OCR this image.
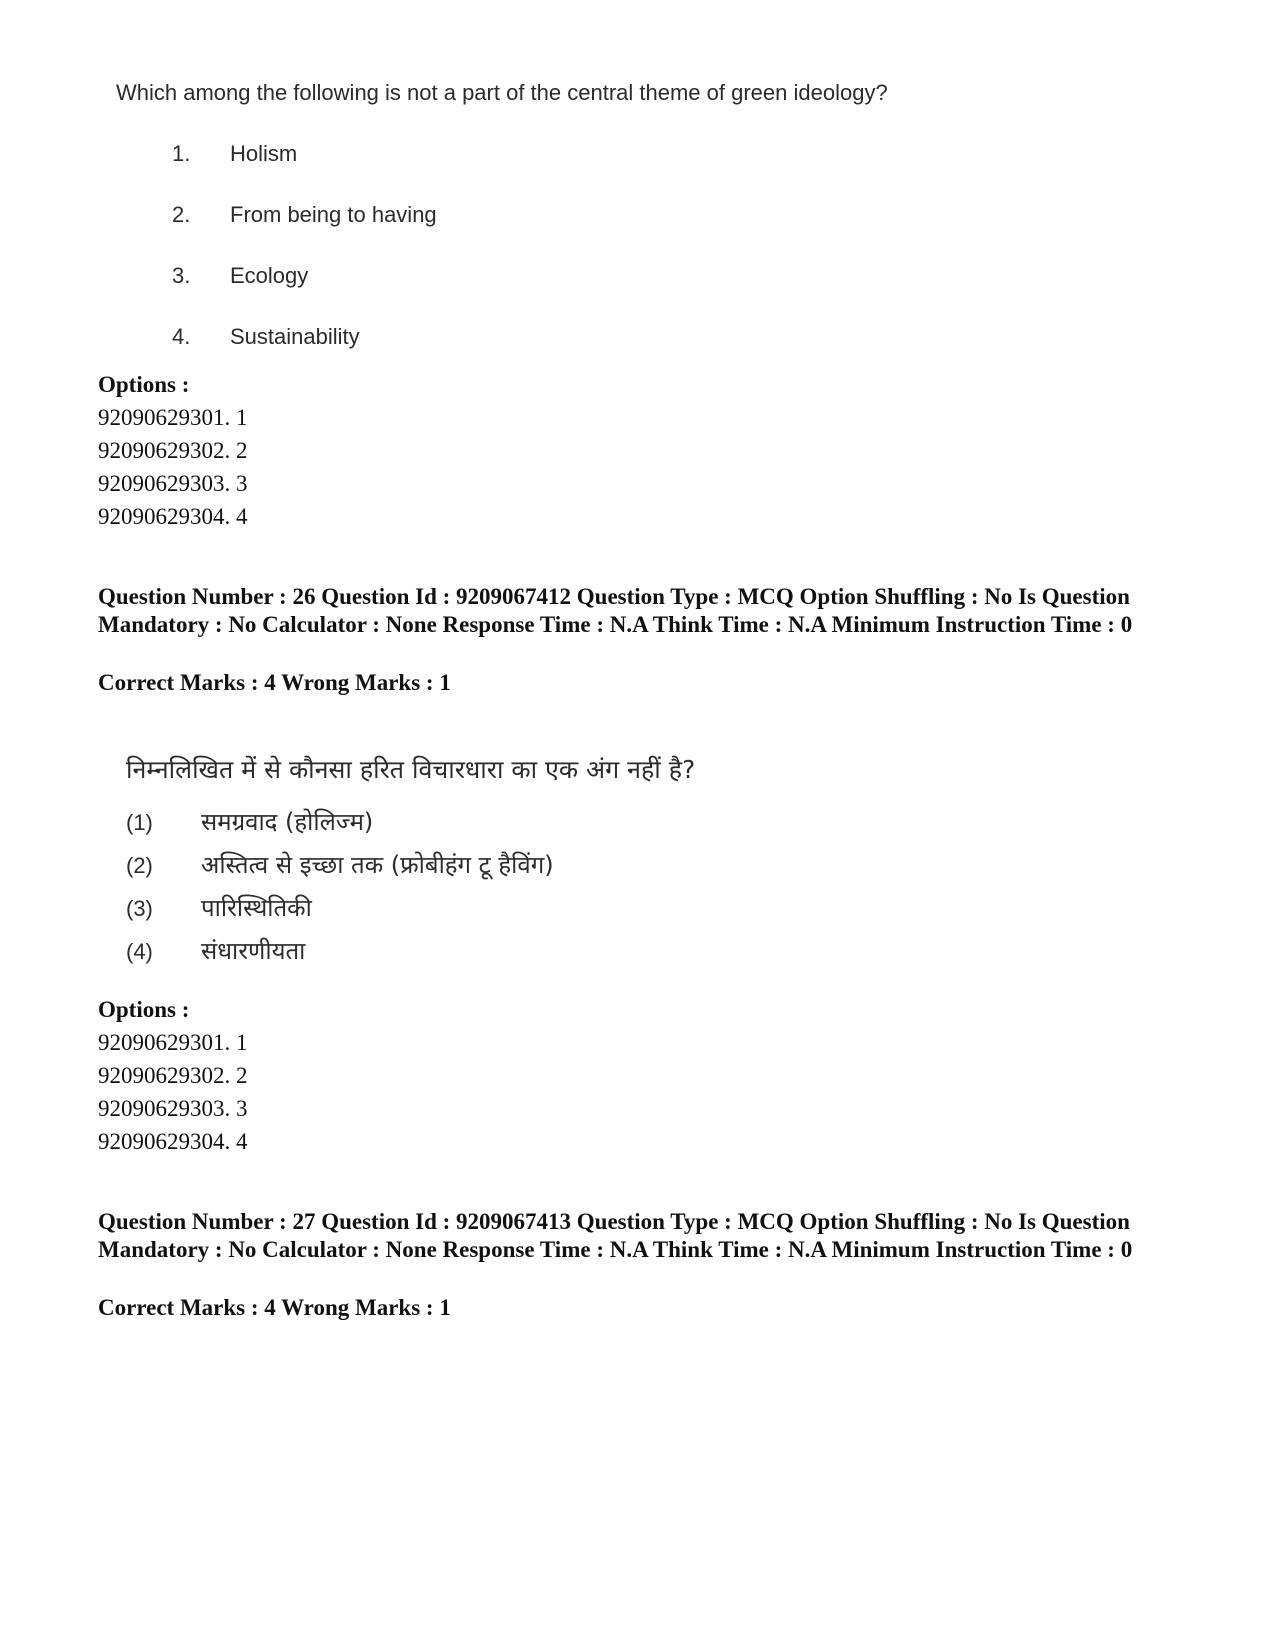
Which among the following is not a part of the central theme of green ideology?
1. Holism
2. From being to having
3. Ecology
4. Sustainability
Options :
92090629301. 1
92090629302. 2
92090629303. 3
92090629304. 4
Question Number : 26 Question Id : 9209067412 Question Type : MCQ Option Shuffling : No Is Question Mandatory : No Calculator : None Response Time : N.A Think Time : N.A Minimum Instruction Time : 0
Correct Marks : 4 Wrong Marks : 1
निम्नलिखित में से कौनसा हरित विचारधारा का एक अंग नहीं है?
(1) समग्रवाद (होलिज्म)
(2) अस्तित्व से इच्छा तक (फ्रोबीहंग टू हैविंग)
(3) पारिस्थितिकी
(4) संधारणीयता
Options :
92090629301. 1
92090629302. 2
92090629303. 3
92090629304. 4
Question Number : 27 Question Id : 9209067413 Question Type : MCQ Option Shuffling : No Is Question Mandatory : No Calculator : None Response Time : N.A Think Time : N.A Minimum Instruction Time : 0
Correct Marks : 4 Wrong Marks : 1
